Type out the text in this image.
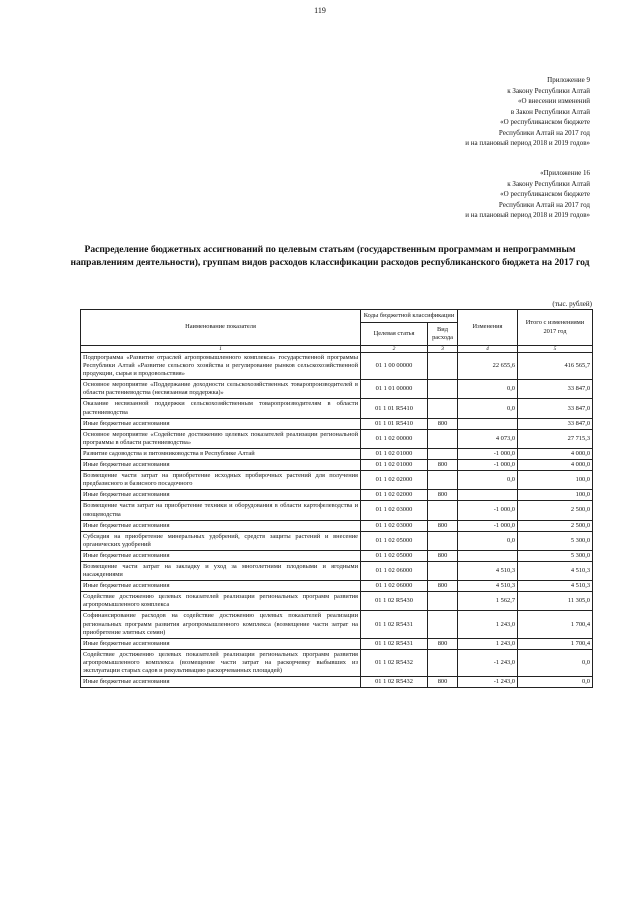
119
Приложение 9
к Закону Республики Алтай
«О внесении изменений
в Закон Республики Алтай
«О республиканском бюджете
Республики Алтай на 2017 год
и на плановый период 2018 и 2019 годов»
«Приложение 16
к Закону Республики Алтай
«О республиканском бюджете
Республики Алтай на 2017 год
и на плановый период 2018 и 2019 годов»
Распределение бюджетных ассигнований по целевым статьям (государственным программам и непрограммным направлениям деятельности), группам видов расходов классификации расходов республиканского бюджета на 2017 год
(тыс. рублей)
Наименование показателя	Коды бюджетной классификации		Изменения	Итого с изменениями 2017 год
	Целевая статья	Вид расхода		
1	2	3	4	5
Подпрограмма «Развитие отраслей агропромышленного комплекса» государственной программы Республики Алтай «Развитие сельского хозяйства и регулирование рынков сельскохозяйственной продукции, сырья и продовольствия»	01 1 00 00000		22 655,6	416 565,7
Основное мероприятие «Поддержание доходности сельскохозяйственных товаропроизводителей в области растениеводства (несвязанная поддержка)»	01 1 01 00000		0,0	33 847,0
Оказание несвязанной поддержки сельскохозяйственным товаропроизводителям в области растениеводства	01 1 01 R5410		0,0	33 847,0
Иные бюджетные ассигнования	01 1 01 R5410	800		33 847,0
Основное мероприятие «Содействие достижению целевых показателей реализации региональной программы в области растениеводства»	01 1 02 00000		4 073,0	27 715,3
Развитие садоводства и питомниководства в Республике Алтай	01 1 02 01000		-1 000,0	4 000,0
Иные бюджетные ассигнования	01 1 02 01000	800	-1 000,0	4 000,0
Возмещение части затрат на приобретение исходных пробирочных растений для получения предбазисного и базисного посадочного	01 1 02 02000		0,0	100,0
Иные бюджетные ассигнования	01 1 02 02000	800		100,0
Возмещение части затрат на приобретение техники и оборудования в области картофелеводства и овощеводства	01 1 02 03000		-1 000,0	2 500,0
Иные бюджетные ассигнования	01 1 02 03000	800	-1 000,0	2 500,0
Субсидия на приобретение минеральных удобрений, средств защиты растений и внесение органических удобрений	01 1 02 05000		0,0	5 300,0
Иные бюджетные ассигнования	01 1 02 05000	800		5 300,0
Возмещение части затрат на закладку и уход за многолетними плодовыми и ягодными насаждениями	01 1 02 06000		4 510,3	4 510,3
Иные бюджетные ассигнования	01 1 02 06000	800	4 510,3	4 510,3
Содействие достижению целевых показателей реализации региональных программ развития агропромышленного комплекса	01 1 02 R5430		1 562,7	11 305,0
Софинансирование расходов на содействие достижению целевых показателей реализации региональных программ развития агропромышленного комплекса (возмещение части затрат на приобретение элитных семян)	01 1 02 R5431		1 243,0	1 700,4
Иные бюджетные ассигнования	01 1 02 R5431	800	1 243,0	1 700,4
Содействие достижению целевых показателей реализации региональных программ развития агропромышленного комплекса (возмещение части затрат на раскорчевку выбывших из эксплуатации старых садов и рекультивацию раскорчеванных площадей)	01 1 02 R5432		-1 243,0	0,0
Иные бюджетные ассигнования	01 1 02 R5432	800	-1 243,0	0,0
